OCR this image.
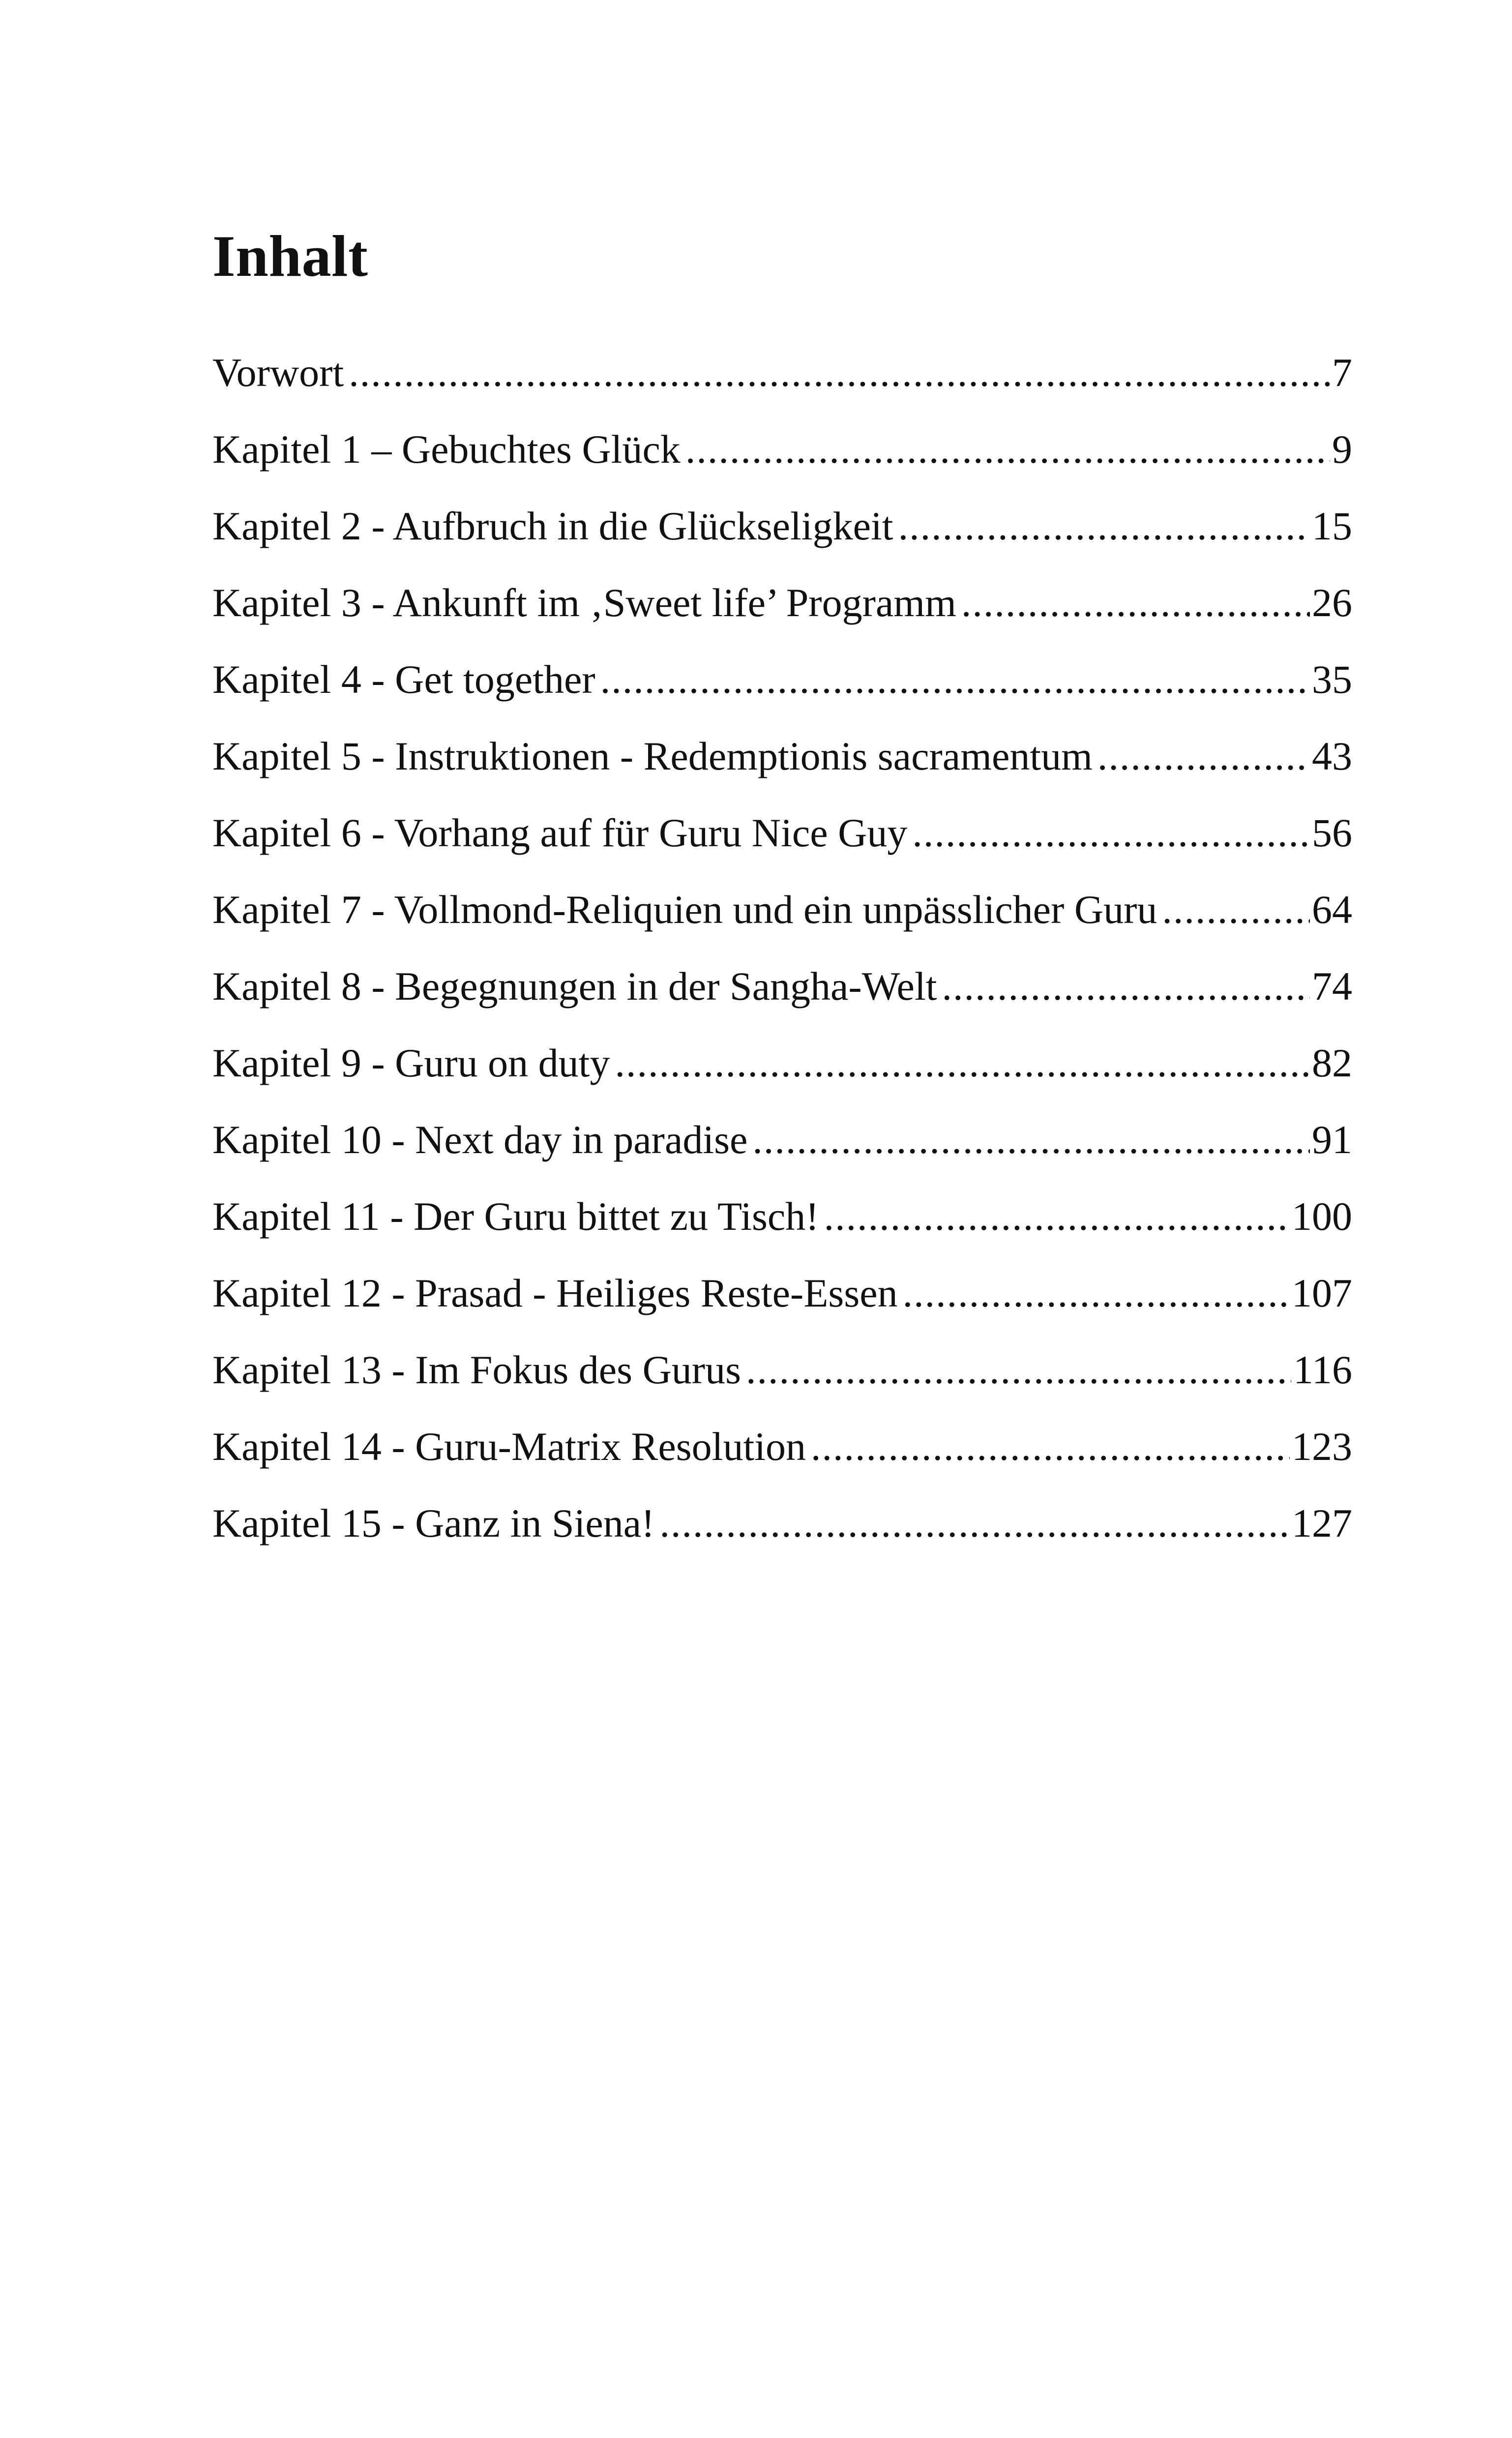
Inhalt
Vorwort .....	7
Kapitel 1 – Gebuchtes Glück .....	9
Kapitel 2 - Aufbruch in die Glückseligkeit .....	15
Kapitel 3 - Ankunft im ‚Sweet life’ Programm .....	26
Kapitel 4 - Get together .....	35
Kapitel 5 - Instruktionen - Redemptionis sacramentum .....	43
Kapitel 6 - Vorhang auf für Guru Nice Guy .....	56
Kapitel 7 - Vollmond-Reliquien und ein unpässlicher Guru .....	64
Kapitel 8 - Begegnungen in der Sangha-Welt .....	74
Kapitel 9 - Guru on duty .....	82
Kapitel 10 - Next day in paradise .....	91
Kapitel 11 - Der Guru bittet zu Tisch! .....	100
Kapitel 12 - Prasad - Heiliges Reste-Essen .....	107
Kapitel 13 - Im Fokus des Gurus .....	116
Kapitel 14 - Guru-Matrix Resolution .....	123
Kapitel 15 - Ganz in Siena! .....	127
